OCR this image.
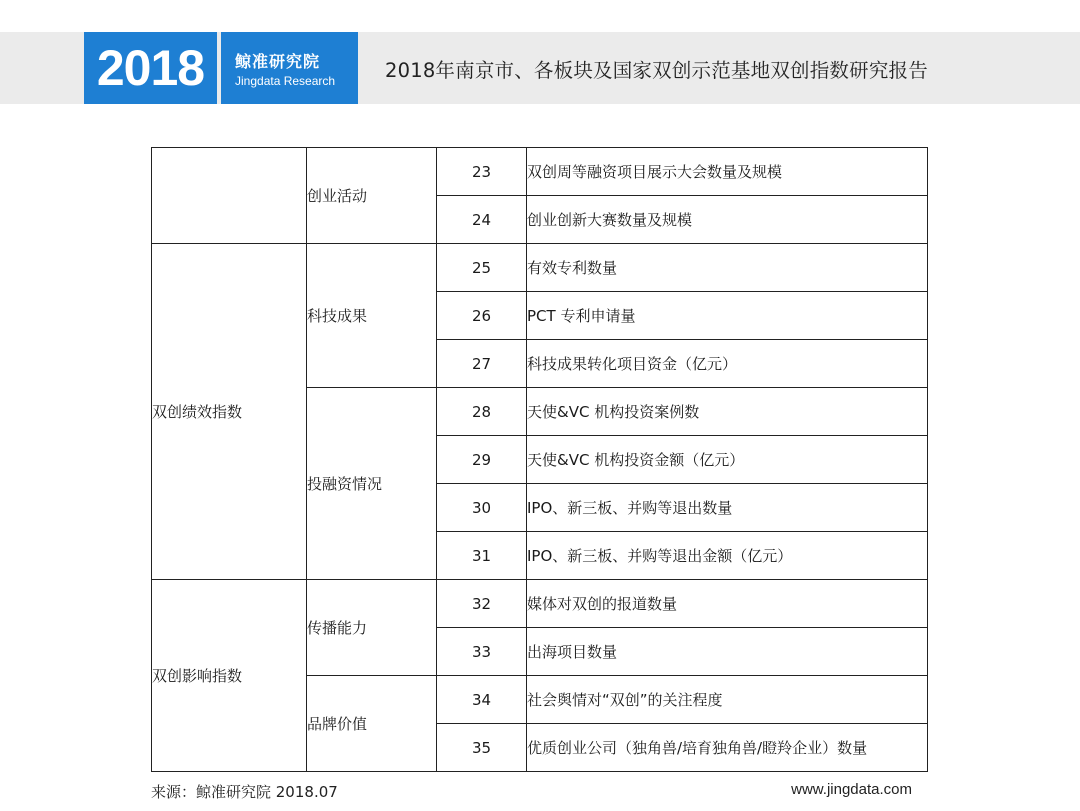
2018 鲸准研究院
Jingdata Research	2018年南京市、各板块及国家双创示范基地双创指数研究报告
	创业活动	23	双创周等融资项目展示大会数量及规模
		24	创业创新大赛数量及规模
双创绩效指数	科技成果	25	有效专利数量
		26	PCT 专利申请量
		27	科技成果转化项目资金（亿元）
	投融资情况	28	天使&VC 机构投资案例数
		29	天使&VC 机构投资金额（亿元）
		30	IPO、新三板、并购等退出数量
		31	IPO、新三板、并购等退出金额（亿元）
双创影响指数	传播能力	32	媒体对双创的报道数量
		33	出海项目数量
	品牌价值	34	社会舆情对“双创”的关注程度
		35	优质创业公司（独角兽/培育独角兽/瞪羚企业）数量
来源：鲸准研究院 2018.07	www.jingdata.com
